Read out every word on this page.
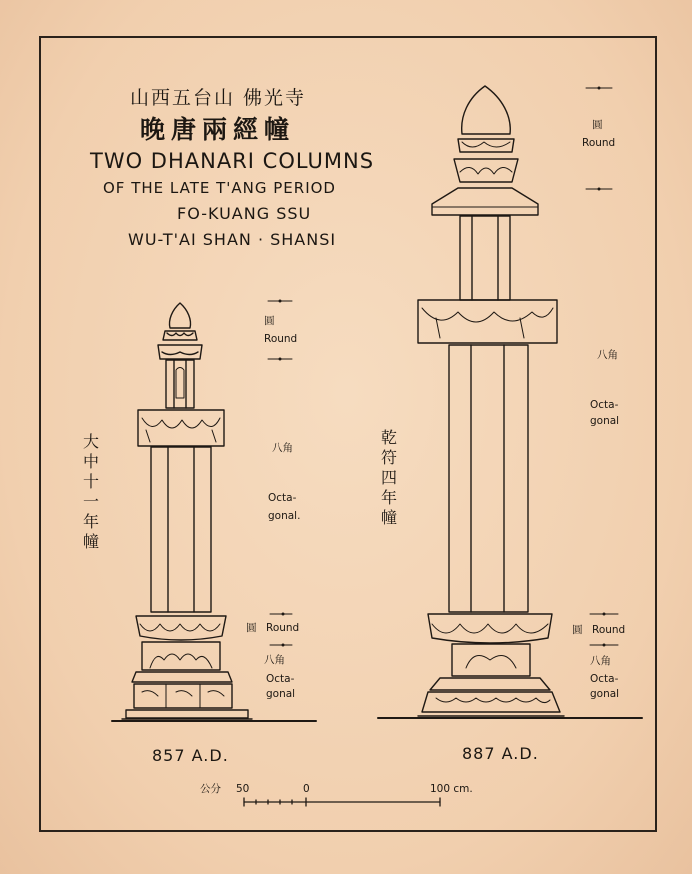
山西五台山 佛光寺
晚唐兩經幢
TWO DHANARI COLUMNS
OF THE LATE T'ANG PERIOD
FO-KUANG SSU
WU-T'AI SHAN · SHANSI
圓
Round
大中十一年幢
八角
Octa-
gonal.
圓 Round
八角
Octa-
gonal
857 A.D.
圓
Round
乾符四年幢
八角
Octa-
gonal
圓 Round
八角
Octa-
gonal
887 A.D.
公分 50	0	100 cm.
